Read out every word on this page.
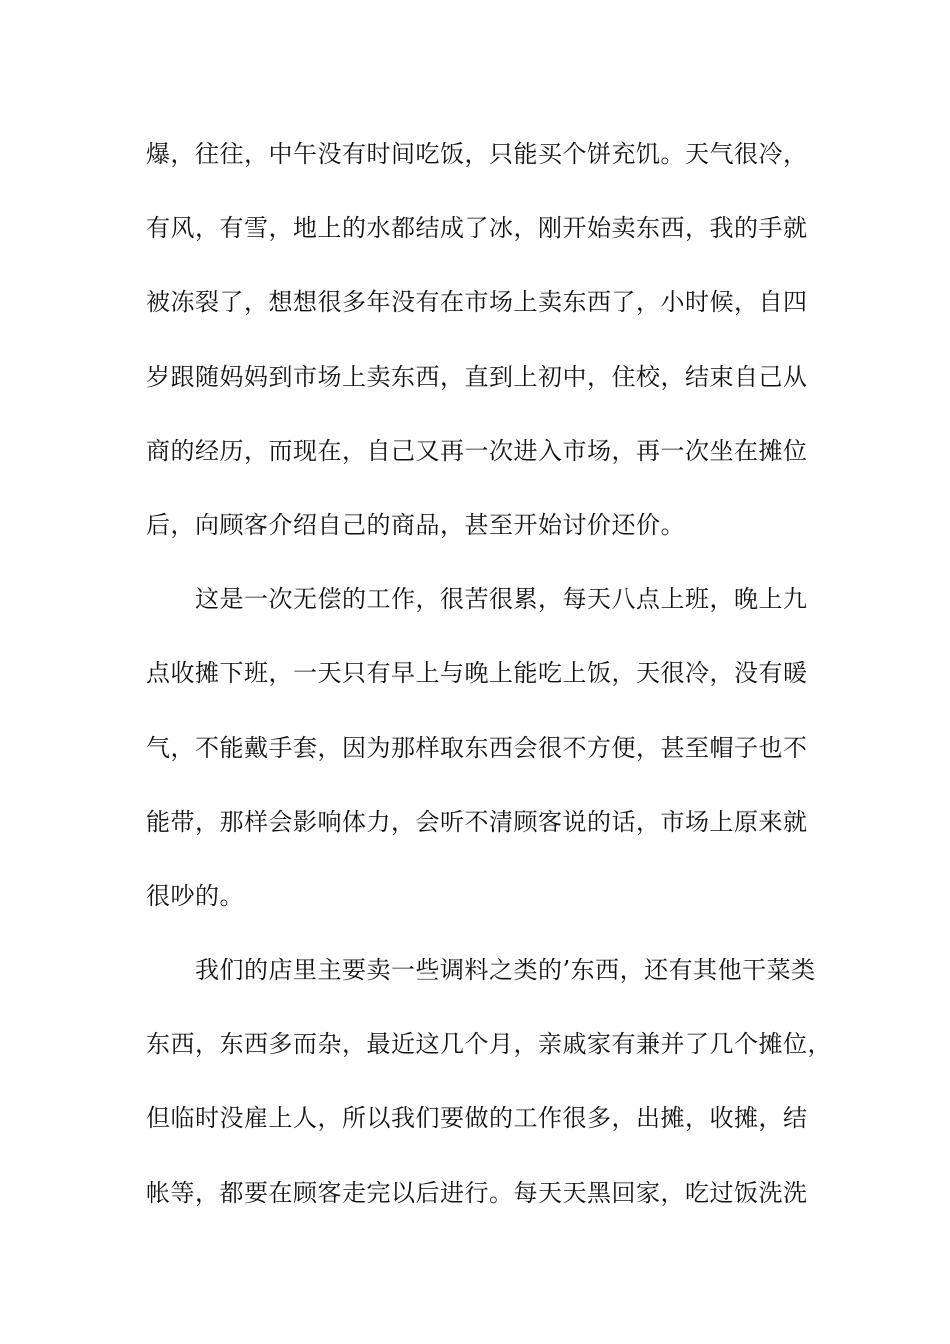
爆，往往，中午没有时间吃饭，只能买个饼充饥。天气很冷，
有风，有雪，地上的水都结成了冰，刚开始卖东西，我的手就
被冻裂了，想想很多年没有在市场上卖东西了，小时候，自四
岁跟随妈妈到市场上卖东西，直到上初中，住校，结束自己从
商的经历，而现在，自己又再一次进入市场，再一次坐在摊位
后，向顾客介绍自己的商品，甚至开始讨价还价。
　　这是一次无偿的工作，很苦很累，每天八点上班，晚上九
点收摊下班，一天只有早上与晚上能吃上饭，天很冷，没有暖
气，不能戴手套，因为那样取东西会很不方便，甚至帽子也不
能带，那样会影响体力，会听不清顾客说的话，市场上原来就
很吵的。
　　我们的店里主要卖一些调料之类的’东西，还有其他干菜类
东西，东西多而杂，最近这几个月，亲戚家有兼并了几个摊位，
但临时没雇上人，所以我们要做的工作很多，出摊，收摊，结
帐等，都要在顾客走完以后进行。每天天黑回家，吃过饭洗洗
